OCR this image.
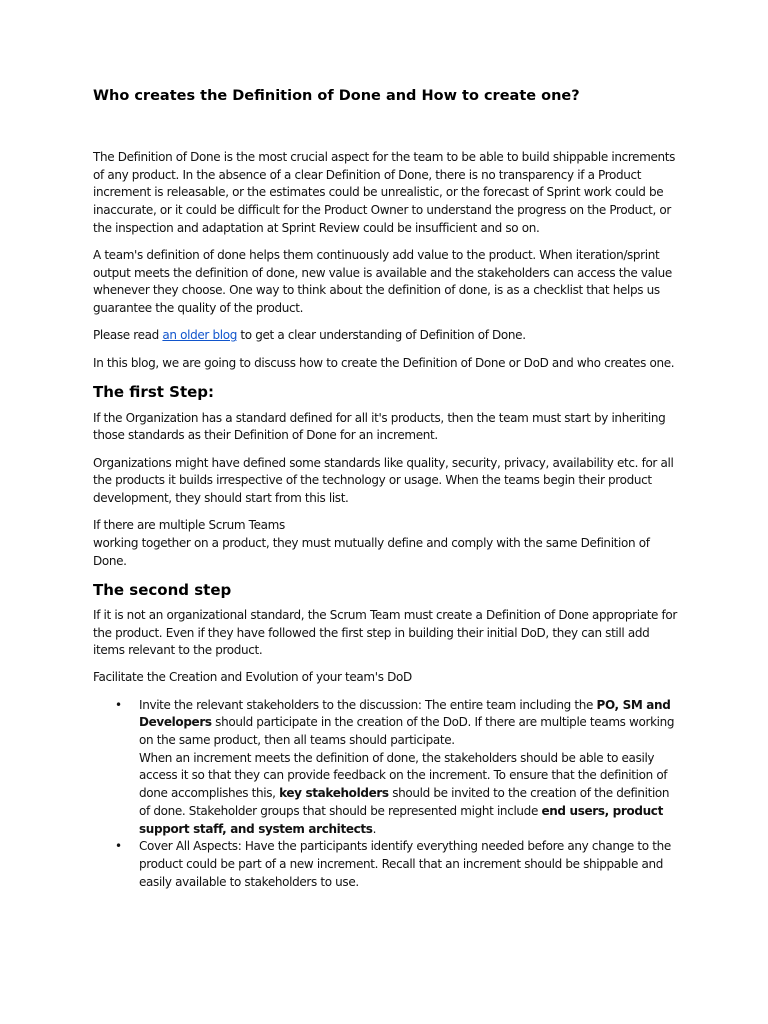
Who creates the Definition of Done and How to create one?

The Definition of Done is the most crucial aspect for the team to be able to build shippable increments of any product. In the absence of a clear Definition of Done, there is no transparency if a Product increment is releasable, or the estimates could be unrealistic, or the forecast of Sprint work could be inaccurate, or it could be difficult for the Product Owner to understand the progress on the Product, or the inspection and adaptation at Sprint Review could be insufficient and so on.

A team's definition of done helps them continuously add value to the product. When iteration/sprint output meets the definition of done, new value is available and the stakeholders can access the value whenever they choose. One way to think about the definition of done, is as a checklist that helps us guarantee the quality of the product.

Please read an older blog to get a clear understanding of Definition of Done.

In this blog, we are going to discuss how to create the Definition of Done or DoD and who creates one.

The first Step:

If the Organization has a standard defined for all it's products, then the team must start by inheriting those standards as their Definition of Done for an increment.

Organizations might have defined some standards like quality, security, privacy, availability etc. for all the products it builds irrespective of the technology or usage. When the teams begin their product development, they should start from this list.

If there are multiple Scrum Teams

working together on a product, they must mutually define and comply with the same Definition of Done.

The second step

If it is not an organizational standard, the Scrum Team must create a Definition of Done appropriate for the product. Even if they have followed the first step in building their initial DoD, they can still add items relevant to the product.

Facilitate the Creation and Evolution of your team's DoD

• Invite the relevant stakeholders to the discussion: The entire team including the PO, SM and Developers should participate in the creation of the DoD. If there are multiple teams working on the same product, then all teams should participate.
When an increment meets the definition of done, the stakeholders should be able to easily access it so that they can provide feedback on the increment. To ensure that the definition of done accomplishes this, key stakeholders should be invited to the creation of the definition of done. Stakeholder groups that should be represented might include end users, product support staff, and system architects.
• Cover All Aspects: Have the participants identify everything needed before any change to the product could be part of a new increment. Recall that an increment should be shippable and easily available to stakeholders to use.
